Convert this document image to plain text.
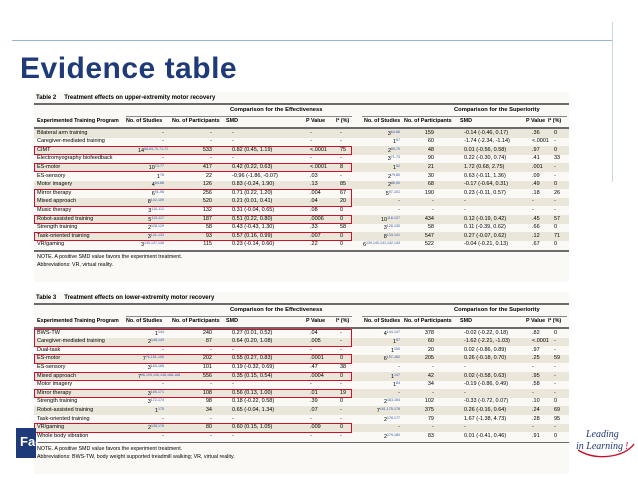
Evidence table
Table 2 Treatment effects on upper-extremity motor recovery
Comparison for the Effectiveness	Comparison for the Superiority
Experimented Training Program No. of Studies No. of Participants SMD	P Value I² (%)	No. of Studies No. of Participants SMD	P Value I² (%)
Bilateral arm training	-	-	-	-	-	3$^{64-66}$	159	-0.14 (-0.46, 0.17)	.36	0
Caregiver-mediated training	-	-	-	-	-	$1^{67}$	60	-1.74 (-2.34, -1.14)	<.0001 -
CIMT	14$^{68,69,70,71,72}$	533	0.82 (0.45, 1.19)	<.0001 75	2$^{69,70}$	48	0.01 (-0.56, 0.58)	.97	0
Electromyography biofeedback	-	-	-	-	-	3$^{71-73}$	90	0.22 (-0.30, 0.74)	.41	33
ES-motor	10$^{74-77}$	417	0.42 (0.22, 0.63)	<.0001 8	$1^{52}$	21	1.72 (0.68, 2.75)	.001 -
ES-sensory	$1^{78}$	22	-0.96 (-1.86, -0.07)	.03	-	2$^{79,80}$	30	0.63 (-0.11, 1.36)	.09	-
Motor imagery	4$^{84-86}$	126	0.83 (-0.24, 1.90)	.13	85	2$^{86,90}$	68	-0.17 (-0.64, 0.31)	.49	0
Mirror therapy	6$^{91-96}$	256	0.71 (0.22, 1.20)	.004	67	5$^{97-101}$	190	0.23 (-0.11, 0.57)	.18	26
Mixed approach	8$^{102-109}$	520	0.21 (0.01, 0.41)	.04	20	-	-	-	-	-
Music therapy	3$^{110-112}$	132	0.31 (-0.04, 0.65)	.08	0	-	-	-	-	-
Robot-assisted training	5$^{113-117}$	187	0.51 (0.22, 0.80)	.0006	0	10$^{118-127}$	434	0.12 (-0.19, 0.42)	.45	57
Strength training	2$^{128,129}$	58	0.43 (-0.43, 1.30)	.33	58	3$^{128-130}$	58	0.11 (-0.39, 0.62)	.66	0
Task-oriented training	3$^{131-133}$	93	0.57 (0.16, 0.99)	.007	0	8$^{134-141}$	547	0.27 (-0.07, 0.62)	.12	71
VR/gaming	3$^{135,137,138}$	115	0.23 (-0.14, 0.60)	.22	0	6$^{139,140,141,142,143}$	522	-0.04 (-0.21, 0.13)	.67	0
NOTE. A positive SMD value favors the experiment treatment.
Abbreviations: VR, virtual reality.
Table 3 Treatment effects on lower-extremity motor recovery
Comparison for the Effectiveness	Comparison for the Superiority
Experimented Training Program No. of Studies No. of Participants SMD	P Value I² (%)	No. of Studies No. of Participants SMD	P Value I² (%)
BWS-TW	$1^{144}$	240	0.27 (0.01, 0.52)	.04	-	4$^{144-147}$	378	-0.02 (-0.22, 0.18)	.82	0
Caregiver-mediated training	2$^{148,149}$	87	0.64 (0.20, 1.08)	.005	-	$1^{67}$	60	-1.62 (-2.21, -1.03)	<.0001 -
Dual-task	-	-	-	-	-	$1^{150}$	20	0.02 (-0.86, 0.89)	.97	-
ES-motor	7$^{76,151-155}$	202	0.55 (0.27, 0.83)	.0001	0	6$^{157-162}$	205	0.26 (-0.18, 0.70)	.25	59
ES-sensory	3$^{163-165}$	101	0.19 (-0.32, 0.69)	.47	38	-	-	-	-	-
Mixed approach	7$^{96,105,106,146,166-168}$	556	0.35 (0.15, 0.54)	.0004	0	$1^{147}$	42	0.02 (-0.58, 0.63)	.95	-
Motor imagery	-	-	-	-	-	$1^{84}$	34	-0.19 (-0.86, 0.49)	.58	-
Mirror therapy	3$^{169-171}$	108	0.56 (0.13, 1.00)	.01	19	-	-	-	-	-
Strength training	3$^{172-174}$	98	0.18 (-0.22, 0.58)	.39	0	2$^{163,164}$	102	-0.33 (-0.72, 0.07)	.10	0
Robot-assisted training	$1^{175}$	34	0.65 (-0.04, 1.34)	.07	-	7$^{161,175-178}$	375	0.26 (-0.16, 0.64)	.24	69
Task-oriented training	-	-	-	-	-	2$^{176,177}$	79	1.67 (-1.38, 4.73)	.28	95
VR/gaming	2$^{138,178}$	80	0.60 (0.15, 1.05)	.009	0	-	-	-	-	-
Whole body vibration	-	-	-	-	-	2$^{179,180}$	83	0.01 (-0.41, 0.46)	.91	0
NOTE. A positive SMD value favors the experiment treatment.
Abbreviations: BWS-TW, body weight supported treadmill walking; VR, virtual reality.
Fac	Leading
in Learning !
